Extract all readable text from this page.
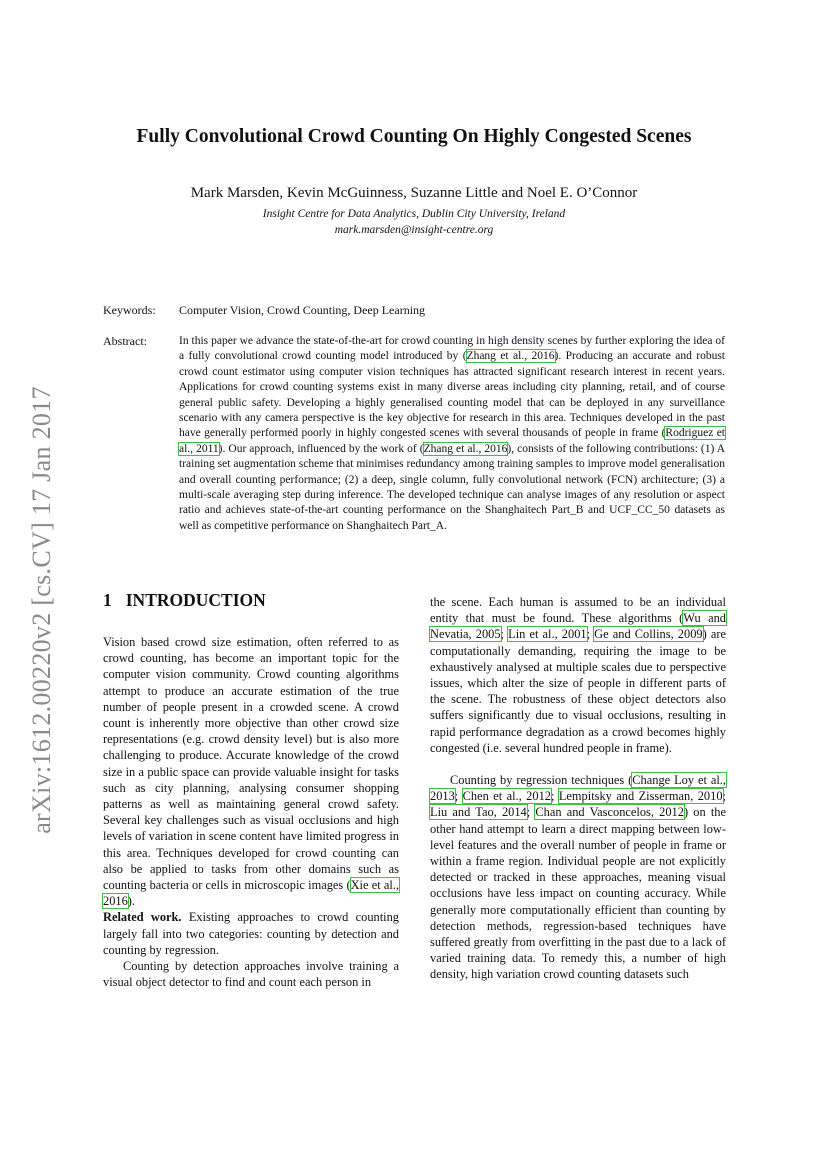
arXiv:1612.00220v2 [cs.CV] 17 Jan 2017
Fully Convolutional Crowd Counting On Highly Congested Scenes
Mark Marsden, Kevin McGuinness, Suzanne Little and Noel E. O’Connor
Insight Centre for Data Analytics, Dublin City University, Ireland
mark.marsden@insight-centre.org
Keywords: Computer Vision, Crowd Counting, Deep Learning
Abstract:	In this paper we advance the state-of-the-art for crowd counting in high density scenes by further exploring the idea of a fully convolutional crowd counting model introduced by (Zhang et al., 2016). Producing an accurate and robust crowd count estimator using computer vision techniques has attracted significant research interest in recent years. Applications for crowd counting systems exist in many diverse areas including city planning, retail, and of course general public safety. Developing a highly generalised counting model that can be deployed in any surveillance scenario with any camera perspective is the key objective for research in this area. Techniques developed in the past have generally performed poorly in highly congested scenes with several thousands of people in frame (Rodriguez et al., 2011). Our approach, influenced by the work of (Zhang et al., 2016), consists of the following contributions: (1) A training set augmentation scheme that minimises redundancy among training samples to improve model generalisation and overall counting performance; (2) a deep, single column, fully convolutional network (FCN) architecture; (3) a multi-scale averaging step during inference. The developed technique can analyse images of any resolution or aspect ratio and achieves state-of-the-art counting performance on the Shanghaitech Part_B and UCF_CC_50 datasets as well as competitive performance on Shanghaitech Part_A.
1 INTRODUCTION

Vision based crowd size estimation, often referred to as crowd counting, has become an important topic for the computer vision community. Crowd counting algorithms attempt to produce an accurate estimation of the true number of people present in a crowded scene. A crowd count is inherently more objective than other crowd size representations (e.g. crowd density level) but is also more challenging to produce. Accurate knowledge of the crowd size in a public space can provide valuable insight for tasks such as city planning, analysing consumer shopping patterns as well as maintaining general crowd safety. Several key challenges such as visual occlusions and high levels of variation in scene content have limited progress in this area. Techniques developed for crowd counting can also be applied to tasks from other domains such as counting bacteria or cells in microscopic images (Xie et al., 2016).

Related work. Existing approaches to crowd counting largely fall into two categories: counting by detection and counting by regression.

Counting by detection approaches involve training a visual object detector to find and count each person in

the scene. Each human is assumed to be an individual entity that must be found. These algorithms (Wu and Nevatia, 2005; Lin et al., 2001; Ge and Collins, 2009) are computationally demanding, requiring the image to be exhaustively analysed at multiple scales due to perspective issues, which alter the size of people in different parts of the scene. The robustness of these object detectors also suffers significantly due to visual occlusions, resulting in rapid performance degradation as a crowd becomes highly congested (i.e. several hundred people in frame).

Counting by regression techniques (Change Loy et al., 2013; Chen et al., 2012; Lempitsky and Zisserman, 2010; Liu and Tao, 2014; Chan and Vasconcelos, 2012) on the other hand attempt to learn a direct mapping between low-level features and the overall number of people in frame or within a frame region. Individual people are not explicitly detected or tracked in these approaches, meaning visual occlusions have less impact on counting accuracy. While generally more computationally efficient than counting by detection methods, regression-based techniques have suffered greatly from overfitting in the past due to a lack of varied training data. To remedy this, a number of high density, high variation crowd counting datasets such
